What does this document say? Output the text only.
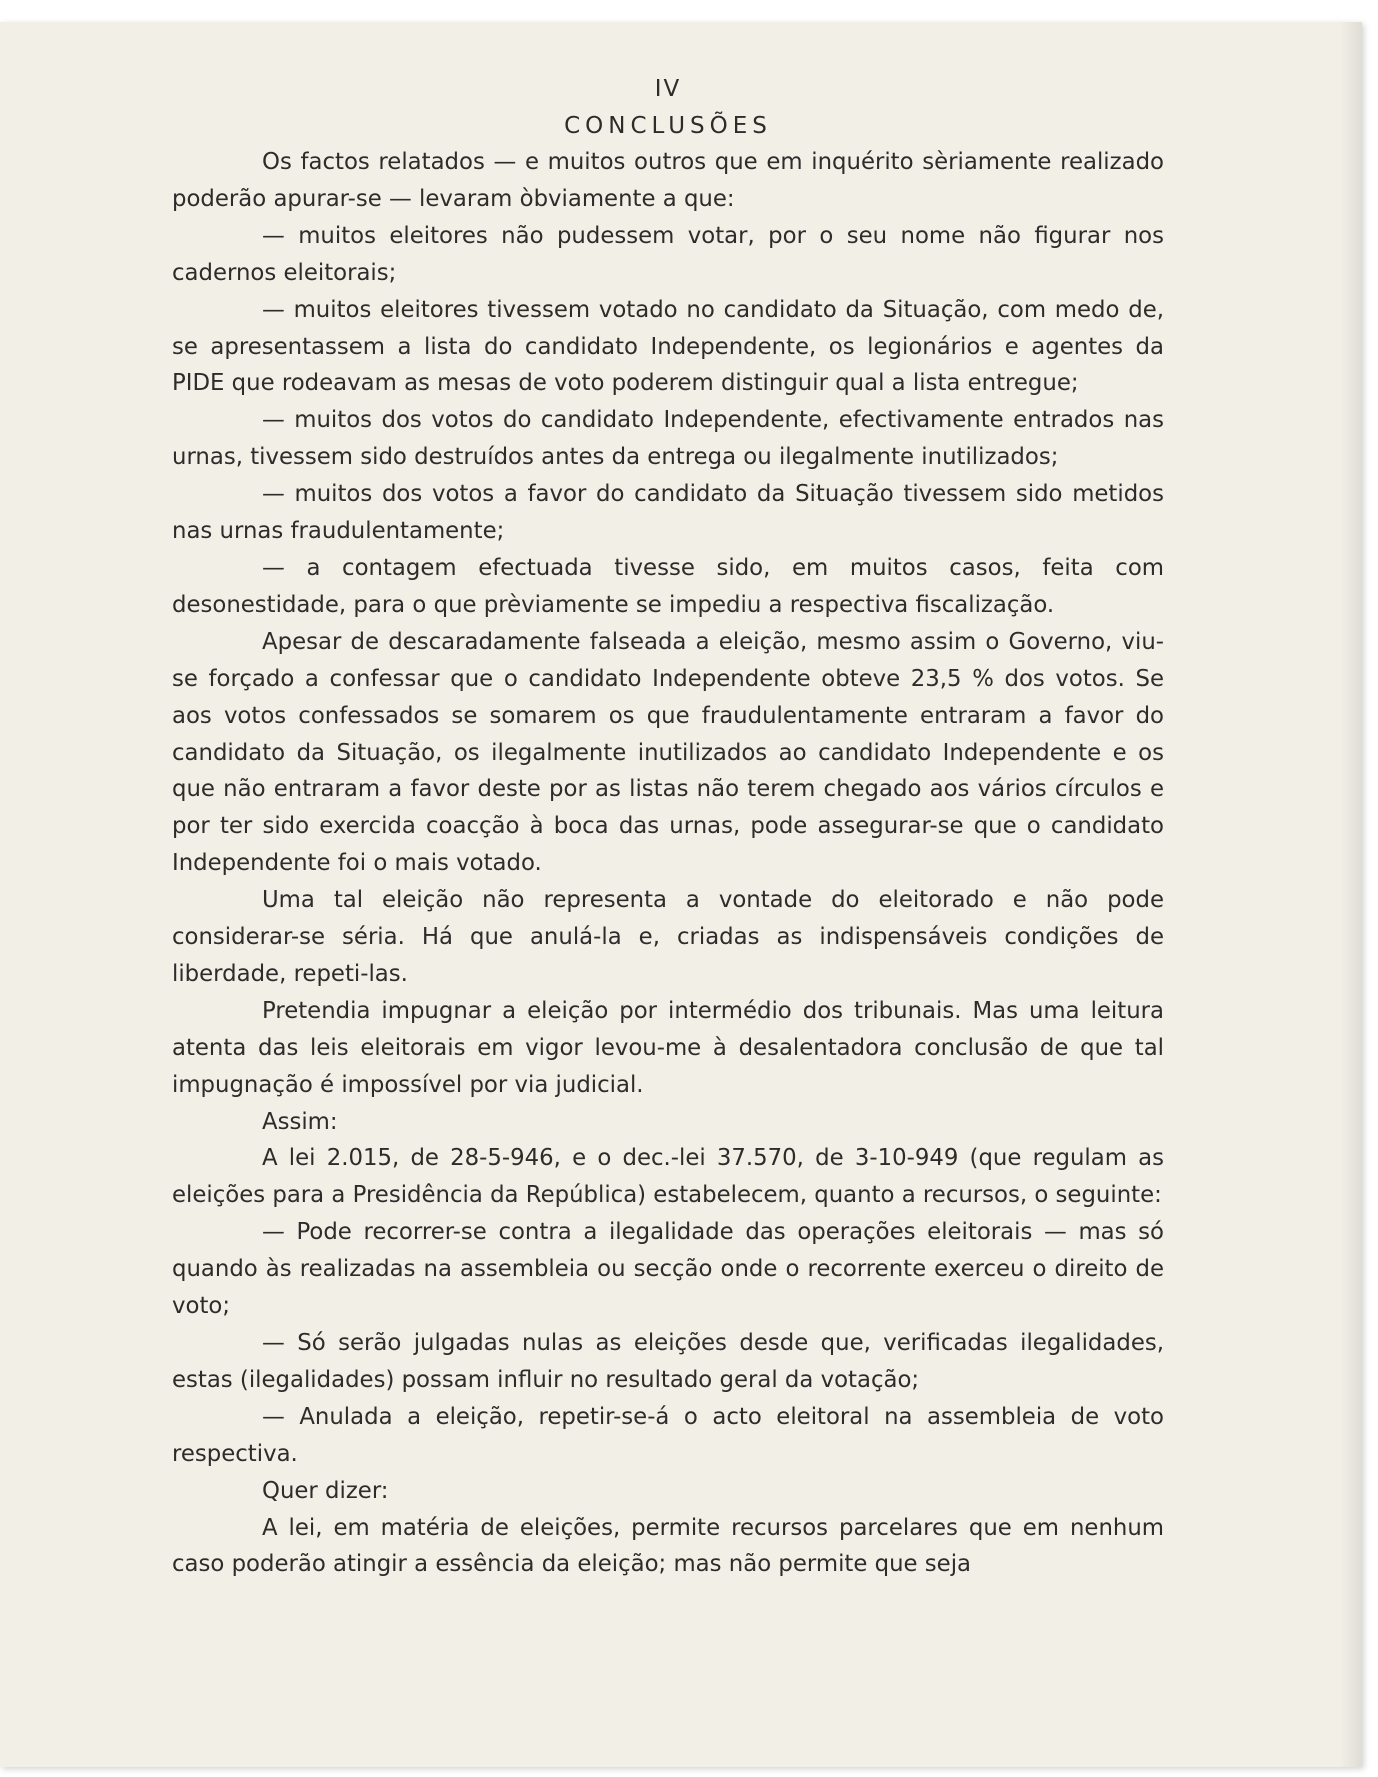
IV
CONCLUSÕES

Os factos relatados — e muitos outros que em inquérito sèriamente realizado poderão apurar-se — levaram òbviamente a que:

— muitos eleitores não pudessem votar, por o seu nome não figurar nos cadernos eleitorais;

— muitos eleitores tivessem votado no candidato da Situação, com medo de, se apresentassem a lista do candidato Independente, os legionários e agentes da PIDE que rodeavam as mesas de voto poderem distinguir qual a lista entregue;

— muitos dos votos do candidato Independente, efectivamente entrados nas urnas, tivessem sido destruídos antes da entrega ou ilegalmente inutilizados;

— muitos dos votos a favor do candidato da Situação tivessem sido metidos nas urnas fraudulentamente;

— a contagem efectuada tivesse sido, em muitos casos, feita com desonestidade, para o que prèviamente se impediu a respectiva fiscalização.

Apesar de descaradamente falseada a eleição, mesmo assim o Governo, viu-se forçado a confessar que o candidato Independente obteve 23,5 % dos votos. Se aos votos confessados se somarem os que fraudulentamente entraram a favor do candidato da Situação, os ilegalmente inutilizados ao candidato Independente e os que não entraram a favor deste por as listas não terem chegado aos vários círculos e por ter sido exercida coacção à boca das urnas, pode assegurar-se que o candidato Independente foi o mais votado.

Uma tal eleição não representa a vontade do eleitorado e não pode considerar-se séria. Há que anulá-la e, criadas as indispensáveis condições de liberdade, repeti-las.

Pretendia impugnar a eleição por intermédio dos tribunais. Mas uma leitura atenta das leis eleitorais em vigor levou-me à desalentadora conclusão de que tal impugnação é impossível por via judicial.

Assim:

A lei 2.015, de 28-5-946, e o dec.-lei 37.570, de 3-10-949 (que regulam as eleições para a Presidência da República) estabelecem, quanto a recursos, o seguinte:

— Pode recorrer-se contra a ilegalidade das operações eleitorais — mas só quando às realizadas na assembleia ou secção onde o recorrente exerceu o direito de voto;

— Só serão julgadas nulas as eleições desde que, verificadas ilegalidades, estas (ilegalidades) possam influir no resultado geral da votação;

— Anulada a eleição, repetir-se-á o acto eleitoral na assembleia de voto respectiva.

Quer dizer:

A lei, em matéria de eleições, permite recursos parcelares que em nenhum caso poderão atingir a essência da eleição; mas não permite que seja
